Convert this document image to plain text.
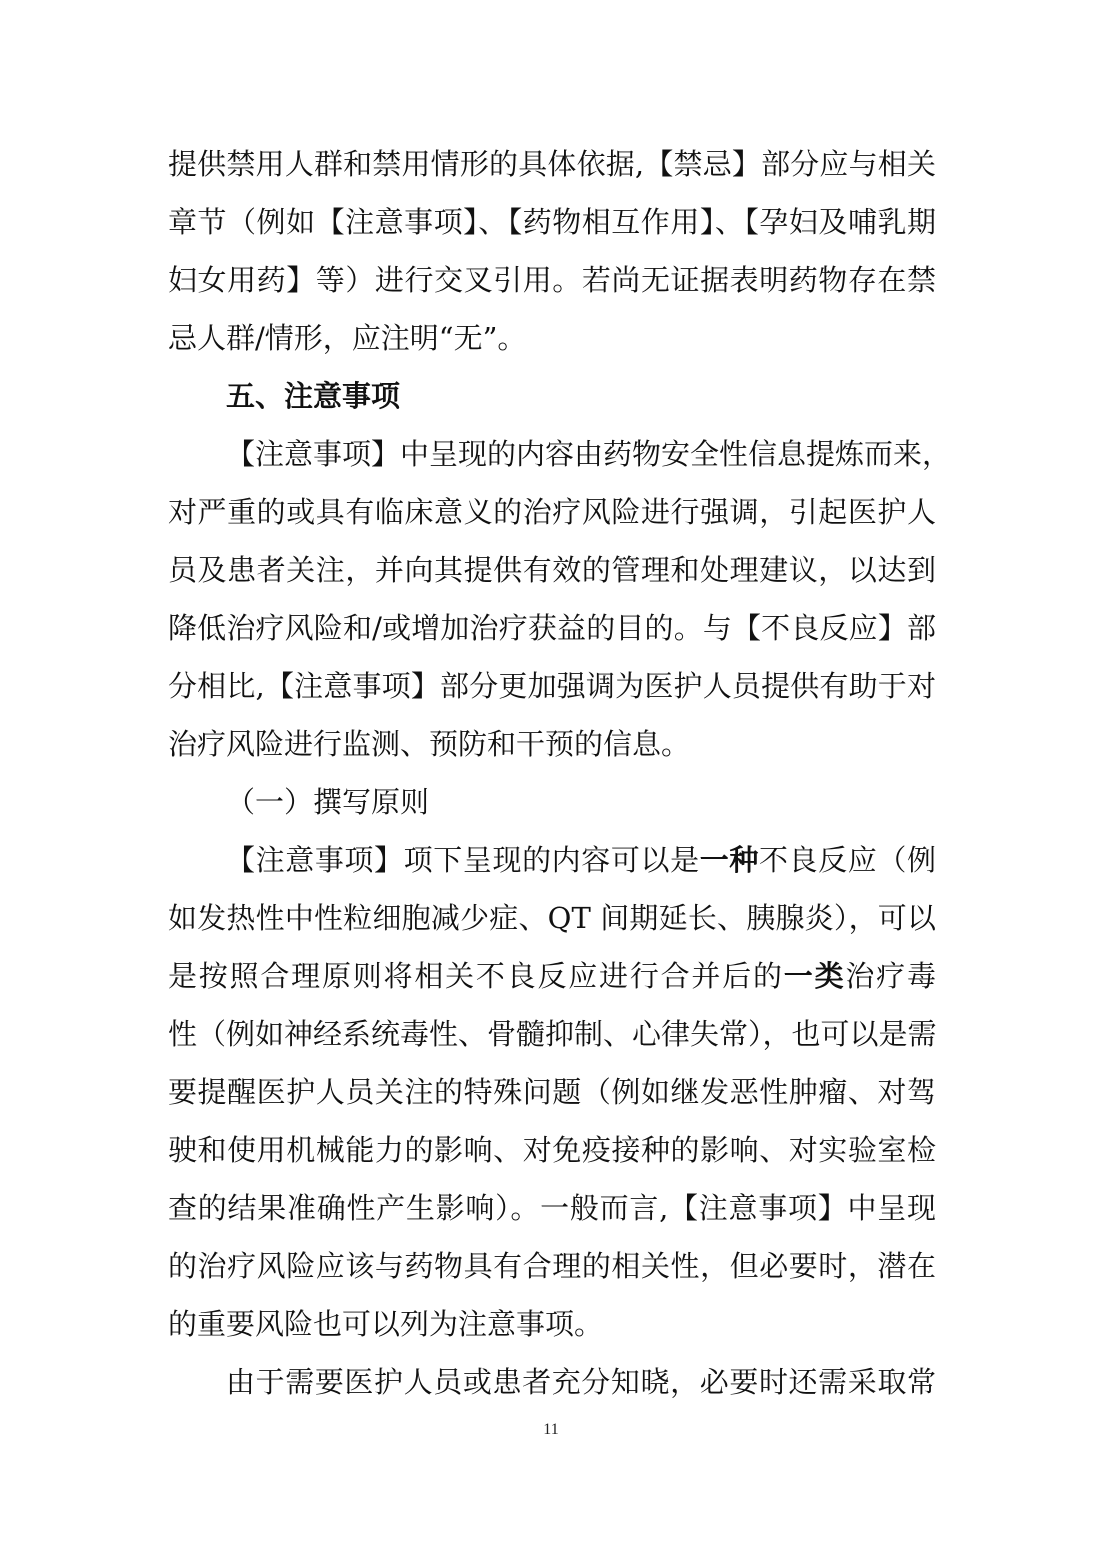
提供禁用人群和禁用情形的具体依据,【禁忌】部分应与相关
章节（例如【注意事项】、【药物相互作用】、【孕妇及哺乳期
妇女用药】等）进行交叉引用。若尚无证据表明药物存在禁
忌人群/情形，应注明“无”。
五、注意事项
【注意事项】中呈现的内容由药物安全性信息提炼而来，
对严重的或具有临床意义的治疗风险进行强调，引起医护人
员及患者关注，并向其提供有效的管理和处理建议，以达到
降低治疗风险和/或增加治疗获益的目的。与【不良反应】部
分相比,【注意事项】部分更加强调为医护人员提供有助于对
治疗风险进行监测、预防和干预的信息。
（一）撰写原则
【注意事项】项下呈现的内容可以是一种不良反应（例
如发热性中性粒细胞减少症、QT 间期延长、胰腺炎），可以
是按照合理原则将相关不良反应进行合并后的一类治疗毒
性（例如神经系统毒性、骨髓抑制、心律失常），也可以是需
要提醒医护人员关注的特殊问题（例如继发恶性肿瘤、对驾
驶和使用机械能力的影响、对免疫接种的影响、对实验室检
查的结果准确性产生影响）。一般而言,【注意事项】中呈现
的治疗风险应该与药物具有合理的相关性，但必要时，潜在
的重要风险也可以列为注意事项。
由于需要医护人员或患者充分知晓，必要时还需采取常
11
